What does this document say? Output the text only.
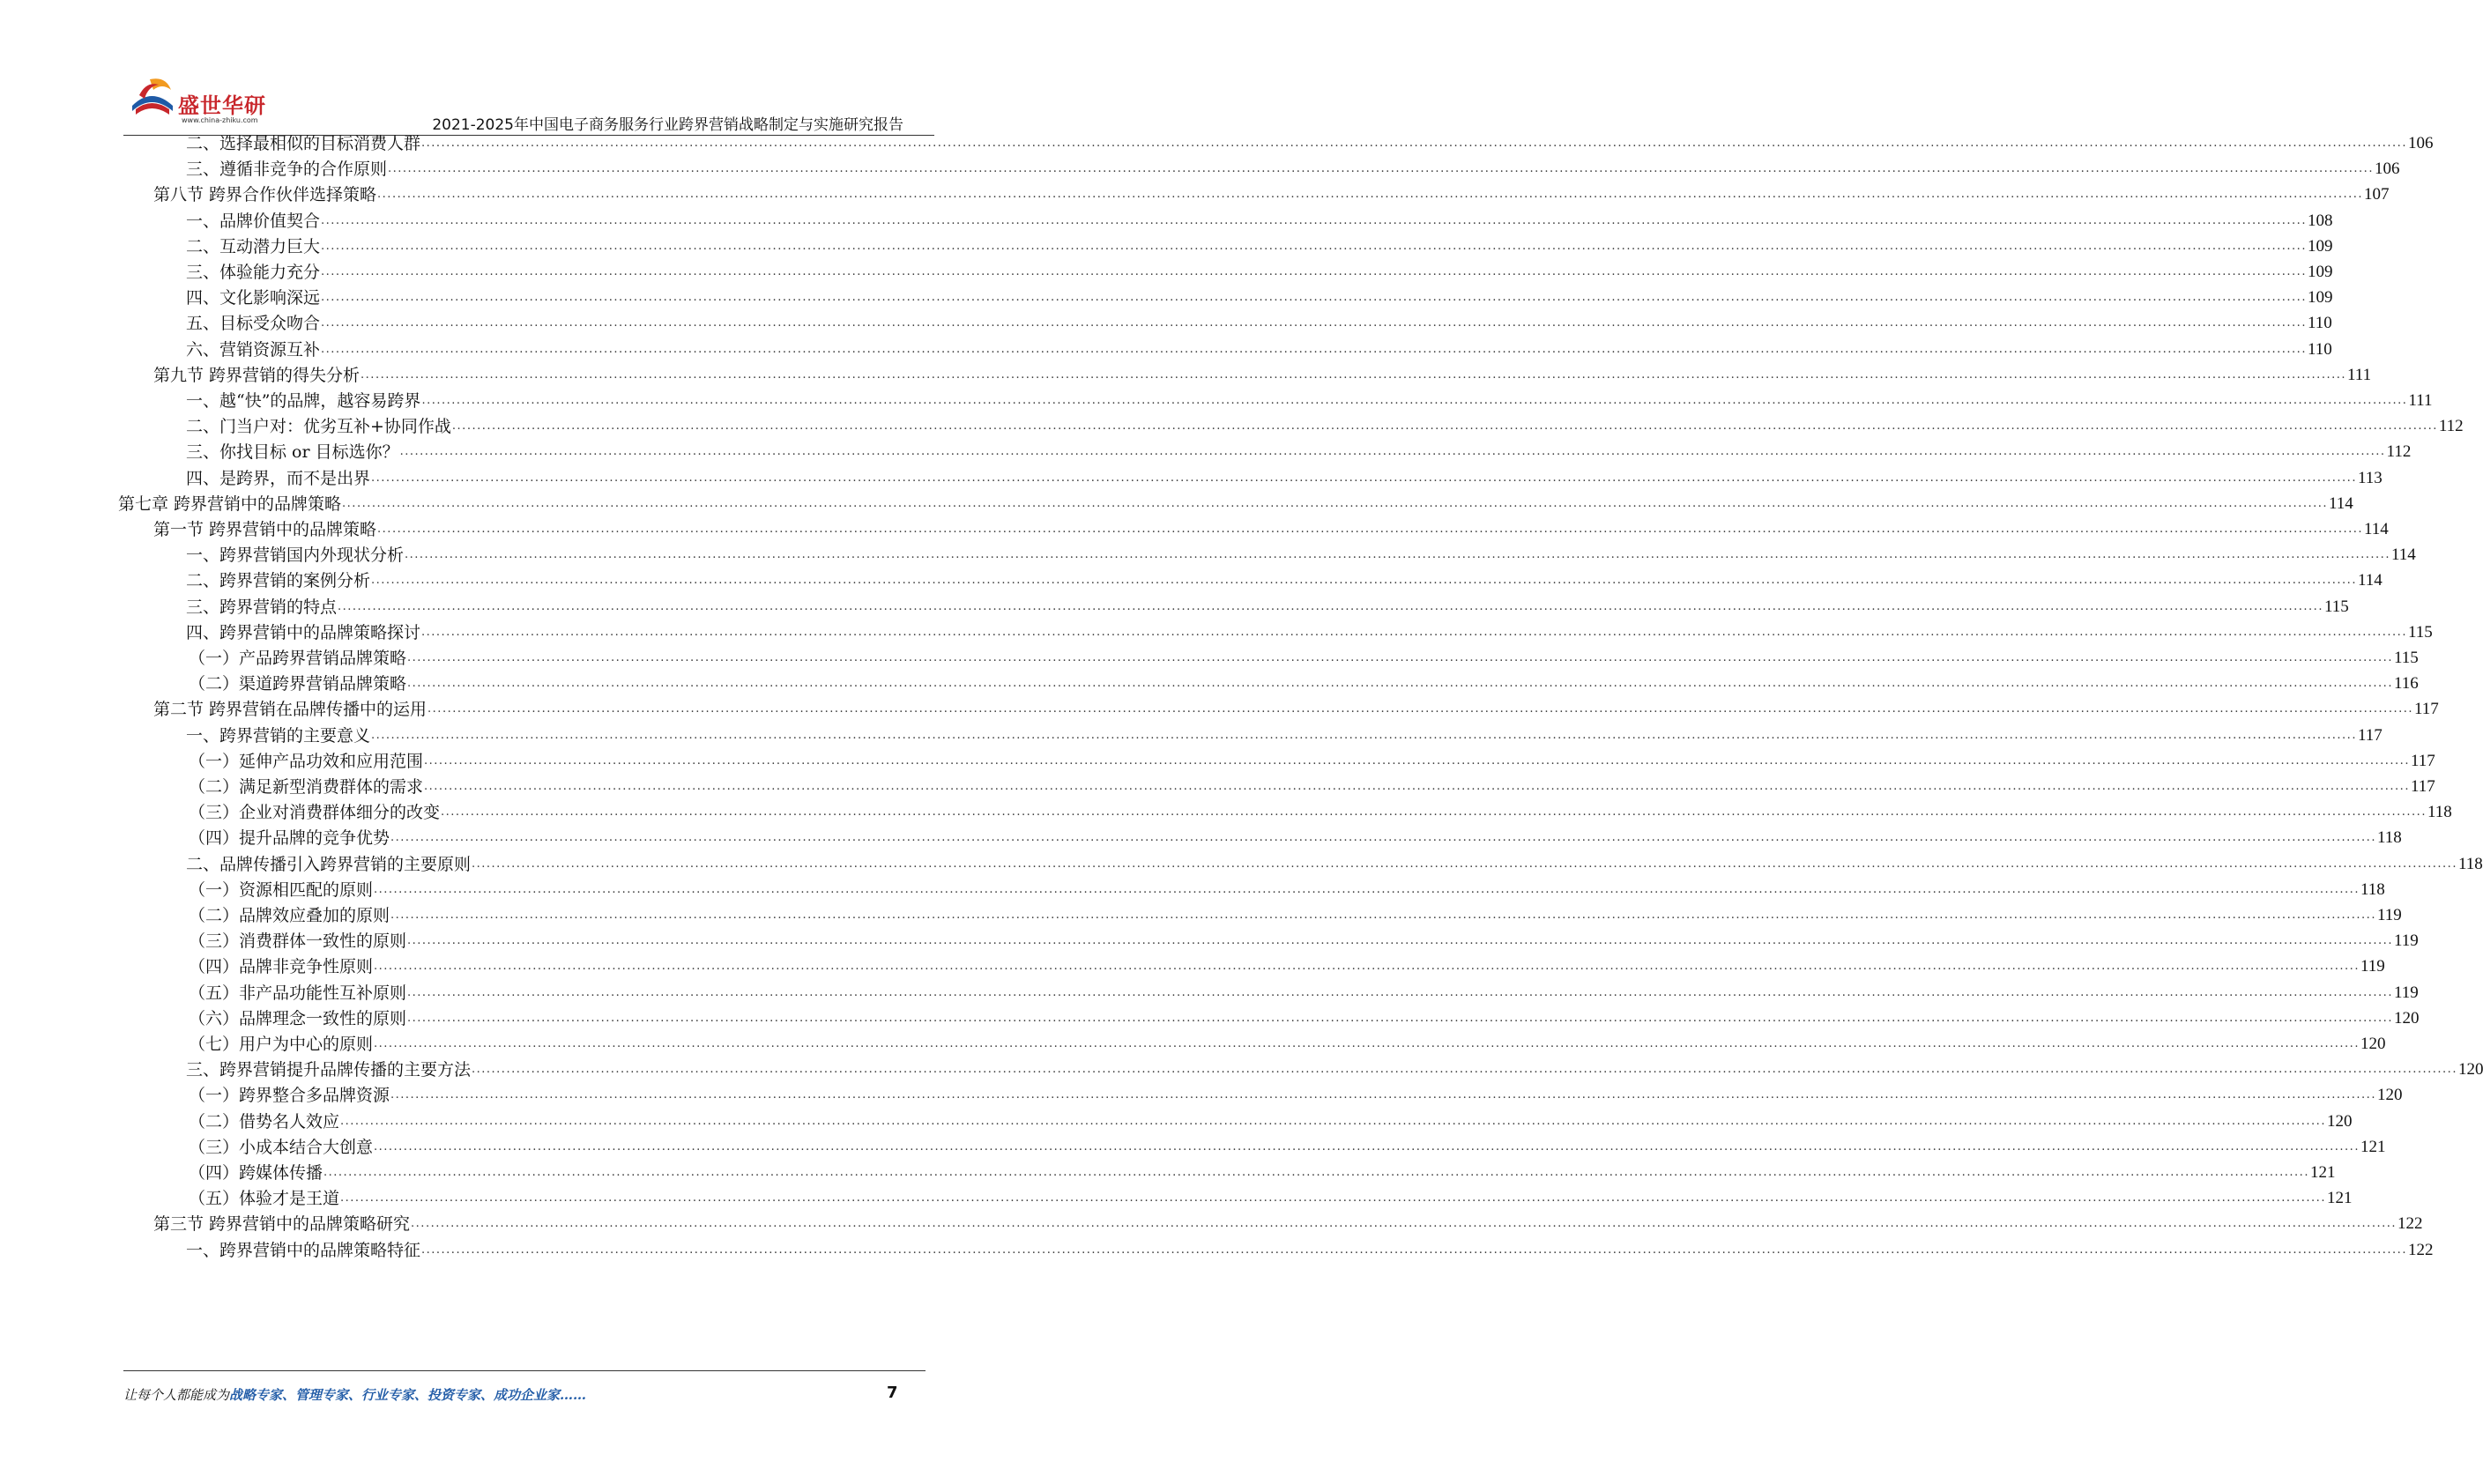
盛世华研
www.china-zhiku.com	2021-2025年中国电子商务服务行业跨界营销战略制定与实施研究报告
二、选择最相似的目标消费人群 ................................................................................................................................................................................................................................................................................................................................................................................................................ 106
三、遵循非竞争的合作原则 ................................................................................................................................................................................................................................................................................................................................................................................................................ 106
第八节 跨界合作伙伴选择策略 ................................................................................................................................................................................................................................................................................................................................................................................................................ 107
一、品牌价值契合 ................................................................................................................................................................................................................................................................................................................................................................................................................ 108
二、互动潜力巨大 ................................................................................................................................................................................................................................................................................................................................................................................................................ 109
三、体验能力充分 ................................................................................................................................................................................................................................................................................................................................................................................................................ 109
四、文化影响深远 ................................................................................................................................................................................................................................................................................................................................................................................................................ 109
五、目标受众吻合 ................................................................................................................................................................................................................................................................................................................................................................................................................ 110
六、营销资源互补 ................................................................................................................................................................................................................................................................................................................................................................................................................ 110
第九节 跨界营销的得失分析 ................................................................................................................................................................................................................................................................................................................................................................................................................ 111
一、越“快”的品牌，越容易跨界 ................................................................................................................................................................................................................................................................................................................................................................................................................ 111
二、门当户对：优劣互补+协同作战 ................................................................................................................................................................................................................................................................................................................................................................................................................ 112
三、你找目标 or 目标选你？ ................................................................................................................................................................................................................................................................................................................................................................................................................ 112
四、是跨界，而不是出界 ................................................................................................................................................................................................................................................................................................................................................................................................................ 113
第七章 跨界营销中的品牌策略 ................................................................................................................................................................................................................................................................................................................................................................................................................ 114
第一节 跨界营销中的品牌策略 ................................................................................................................................................................................................................................................................................................................................................................................................................ 114
一、跨界营销国内外现状分析 ................................................................................................................................................................................................................................................................................................................................................................................................................ 114
二、跨界营销的案例分析 ................................................................................................................................................................................................................................................................................................................................................................................................................ 114
三、跨界营销的特点 ................................................................................................................................................................................................................................................................................................................................................................................................................ 115
四、跨界营销中的品牌策略探讨 ................................................................................................................................................................................................................................................................................................................................................................................................................ 115
（一）产品跨界营销品牌策略 ................................................................................................................................................................................................................................................................................................................................................................................................................ 115
（二）渠道跨界营销品牌策略 ................................................................................................................................................................................................................................................................................................................................................................................................................ 116
第二节 跨界营销在品牌传播中的运用 ................................................................................................................................................................................................................................................................................................................................................................................................................ 117
一、跨界营销的主要意义 ................................................................................................................................................................................................................................................................................................................................................................................................................ 117
（一）延伸产品功效和应用范围 ................................................................................................................................................................................................................................................................................................................................................................................................................ 117
（二）满足新型消费群体的需求 ................................................................................................................................................................................................................................................................................................................................................................................................................ 117
（三）企业对消费群体细分的改变 ................................................................................................................................................................................................................................................................................................................................................................................................................ 118
（四）提升品牌的竞争优势 ................................................................................................................................................................................................................................................................................................................................................................................................................ 118
二、品牌传播引入跨界营销的主要原则 ................................................................................................................................................................................................................................................................................................................................................................................................................ 118
（一）资源相匹配的原则 ................................................................................................................................................................................................................................................................................................................................................................................................................ 118
（二）品牌效应叠加的原则 ................................................................................................................................................................................................................................................................................................................................................................................................................ 119
（三）消费群体一致性的原则 ................................................................................................................................................................................................................................................................................................................................................................................................................ 119
（四）品牌非竞争性原则 ................................................................................................................................................................................................................................................................................................................................................................................................................ 119
（五）非产品功能性互补原则 ................................................................................................................................................................................................................................................................................................................................................................................................................ 119
（六）品牌理念一致性的原则 ................................................................................................................................................................................................................................................................................................................................................................................................................ 120
（七）用户为中心的原则 ................................................................................................................................................................................................................................................................................................................................................................................................................ 120
三、跨界营销提升品牌传播的主要方法 ................................................................................................................................................................................................................................................................................................................................................................................................................ 120
（一）跨界整合多品牌资源 ................................................................................................................................................................................................................................................................................................................................................................................................................ 120
（二）借势名人效应 ................................................................................................................................................................................................................................................................................................................................................................................................................ 120
（三）小成本结合大创意 ................................................................................................................................................................................................................................................................................................................................................................................................................ 121
（四）跨媒体传播 ................................................................................................................................................................................................................................................................................................................................................................................................................ 121
（五）体验才是王道 ................................................................................................................................................................................................................................................................................................................................................................................................................ 121
第三节 跨界营销中的品牌策略研究 ................................................................................................................................................................................................................................................................................................................................................................................................................ 122
一、跨界营销中的品牌策略特征 ................................................................................................................................................................................................................................................................................................................................................................................................................ 122
让每个人都能成为战略专家、管理专家、行业专家、投资专家、成功企业家……	7
